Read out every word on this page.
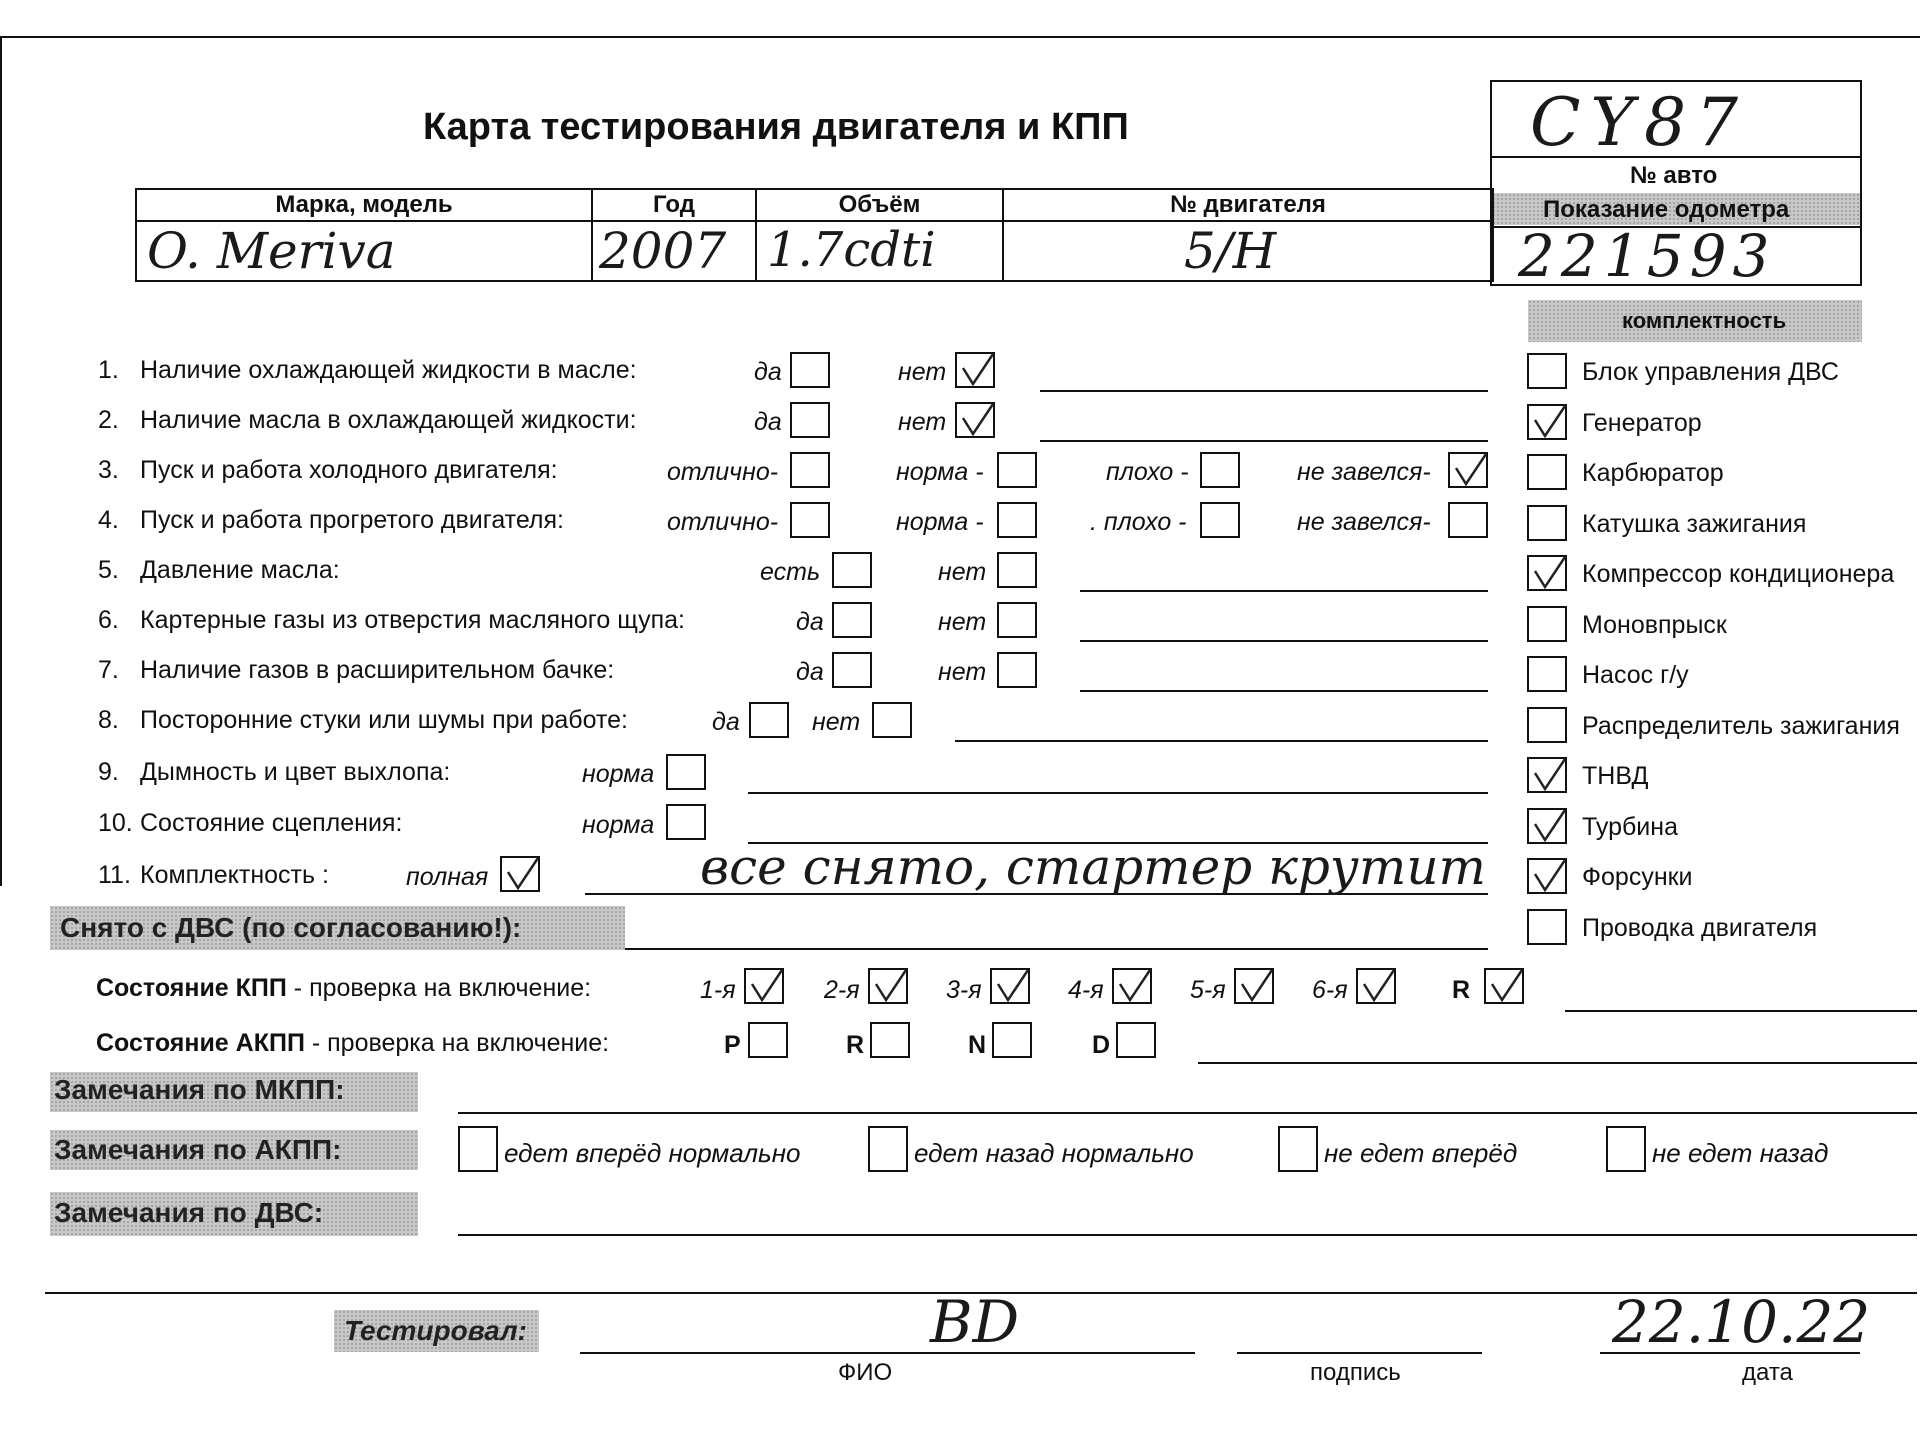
Карта тестирования двигателя и КПП	CY87
№ авто
Показание одометра
221593
Марка, модель	Год	Объём	№ двигателя

O. Meriva	2007	1.7cdti	5/Н
комплектность
1. Наличие охлаждающей жидкости в масле:	да	нет
2. Наличие масла в охлаждающей жидкости:	да	нет
3. Пуск и работа холодного двигателя:	отлично-	норма -	плохо -	не завелся-
4. Пуск и работа прогретого двигателя:	отлично-	норма -	. плохо -	не завелся-
5. Давление масла:	есть	нет
6. Картерные газы из отверстия масляного щупа:	да	нет
7. Наличие газов в расширительном бачке:	да	нет
8. Посторонние стуки или шумы при работе:	да	нет
9. Дымность и цвет выхлопа:	норма
10. Состояние сцепления:	норма
11. Комплектность :	полная	все снято, стартер крутит
Блок управления ДВС
Генератор
Карбюратор
Катушка зажигания
Компрессор кондиционера
Моновпрыск
Насос г/у
Распределитель зажигания
ТНВД
Турбина
Форсунки
Проводка двигателя
Снято с ДВС (по согласованию!):
Состояние КПП - проверка на включение:	1-я	2-я	3-я	4-я	5-я	6-я	R
Состояние АКПП - проверка на включение:	P	R	N	D
Замечания по МКПП:
Замечания по АКПП:	едет вперёд нормально	едет назад нормально	не едет вперёд	не едет назад
Замечания по ДВС:
Тестировал:	BD
ФИО	подпись
22.10.22
дата
